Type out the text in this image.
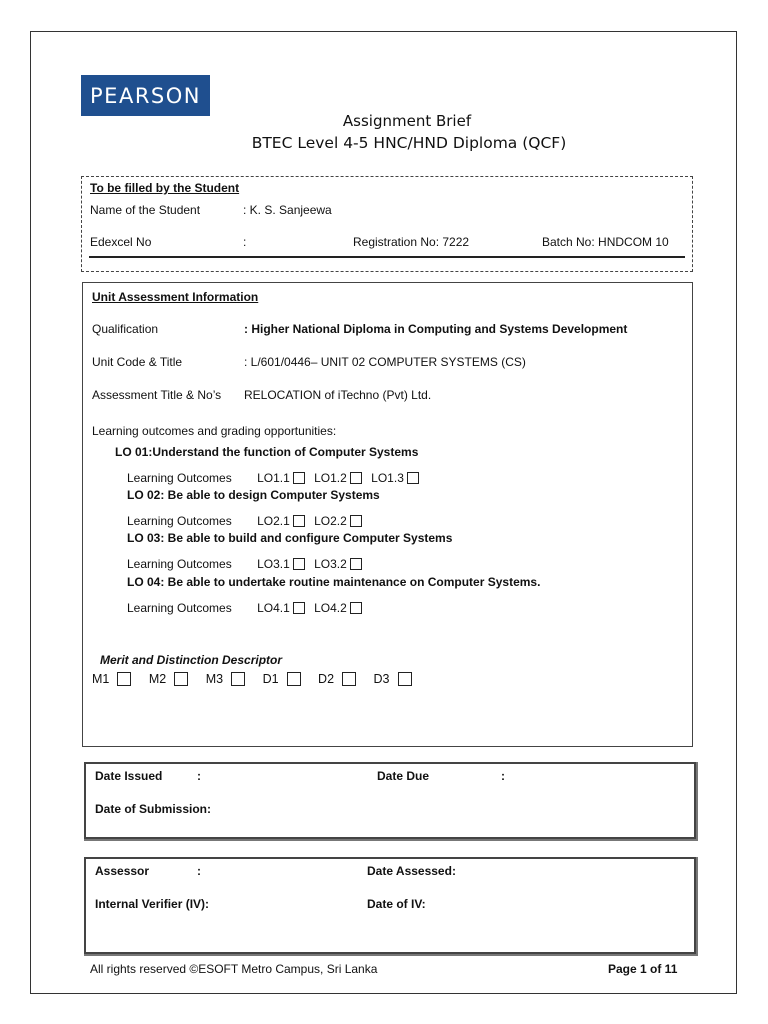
PEARSON
Assignment Brief
BTEC Level 4-5 HNC/HND Diploma (QCF)
To be filled by the Student
Name of the Student	: K. S. Sanjeewa
Edexcel No	:	Registration No: 7222	Batch No: HNDCOM 10
Unit Assessment Information
Qualification	: Higher National Diploma in Computing and Systems Development
Unit Code & Title	: L/601/0446– UNIT 02 COMPUTER SYSTEMS (CS)
Assessment Title & No’s RELOCATION of iTechno (Pvt) Ltd.
Learning outcomes and grading opportunities:
LO 01:Understand the function of Computer Systems
Learning Outcomes LO1.1 LO1.2 LO1.3
LO 02: Be able to design Computer Systems
Learning Outcomes LO2.1 LO2.2
LO 03: Be able to build and configure Computer Systems
Learning Outcomes LO3.1 LO3.2
LO 04: Be able to undertake routine maintenance on Computer Systems.
Learning Outcomes LO4.1 LO4.2
Merit and Distinction Descriptor
M1	M2	M3	D1	D2	D3
Date Issued	:	Date Due	:
Date of Submission:
Assessor	:	Date Assessed:
Internal Verifier (IV):	Date of IV:
All rights reserved ©ESOFT Metro Campus, Sri Lanka	Page 1 of 11
